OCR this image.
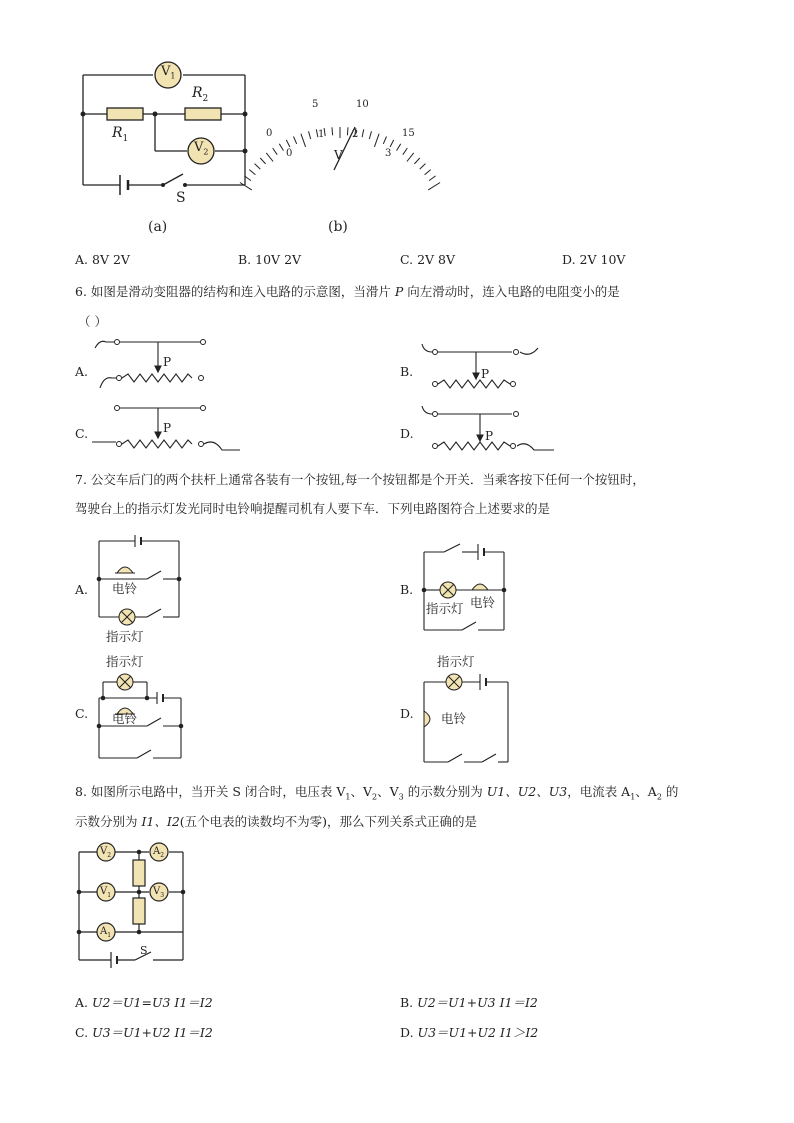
$V_1$
$V_2$
$R_2$
$R_1$
S
(a)
0
5	10
15
0
1	2
3
V
(b)
A. 8V 2V	B. 10V 2V	C. 2V 8V	D. 2V 10V
6. 如图是滑动变阻器的结构和连入电路的示意图，当滑片 P 向左滑动时，连入电路的电阻变小的是
（ ）
A.	B.
C.	D.
P
P
P
P
7. 公交车后门的两个扶杆上通常各装有一个按钮,每一个按钮都是个开关．当乘客按下任何一个按钮时，
驾驶台上的指示灯发光同时电铃响提醒司机有人要下车．下列电路图符合上述要求的是
A.	B.
C.	D.
电铃
指示灯
指示灯 电铃
指示灯
电铃
指示灯
电铃
8. 如图所示电路中，当开关 S 闭合时，电压表 $V_1$、$V_2$、$V_3$ 的示数分别为 U1、U2、U3，电流表 $A_1$、$A_2$ 的
示数分别为 I1、I2(五个电表的读数均不为零)，那么下列关系式正确的是
$V_2$	$A_2$
$V_1$	$V_3$
$A_1$
S
A. U2＝U1=U3 I1＝I2	B. U2＝U1+U3 I1＝I2
C. U3＝U1+U2 I1＝I2	D. U3＝U1+U2 I1＞I2
